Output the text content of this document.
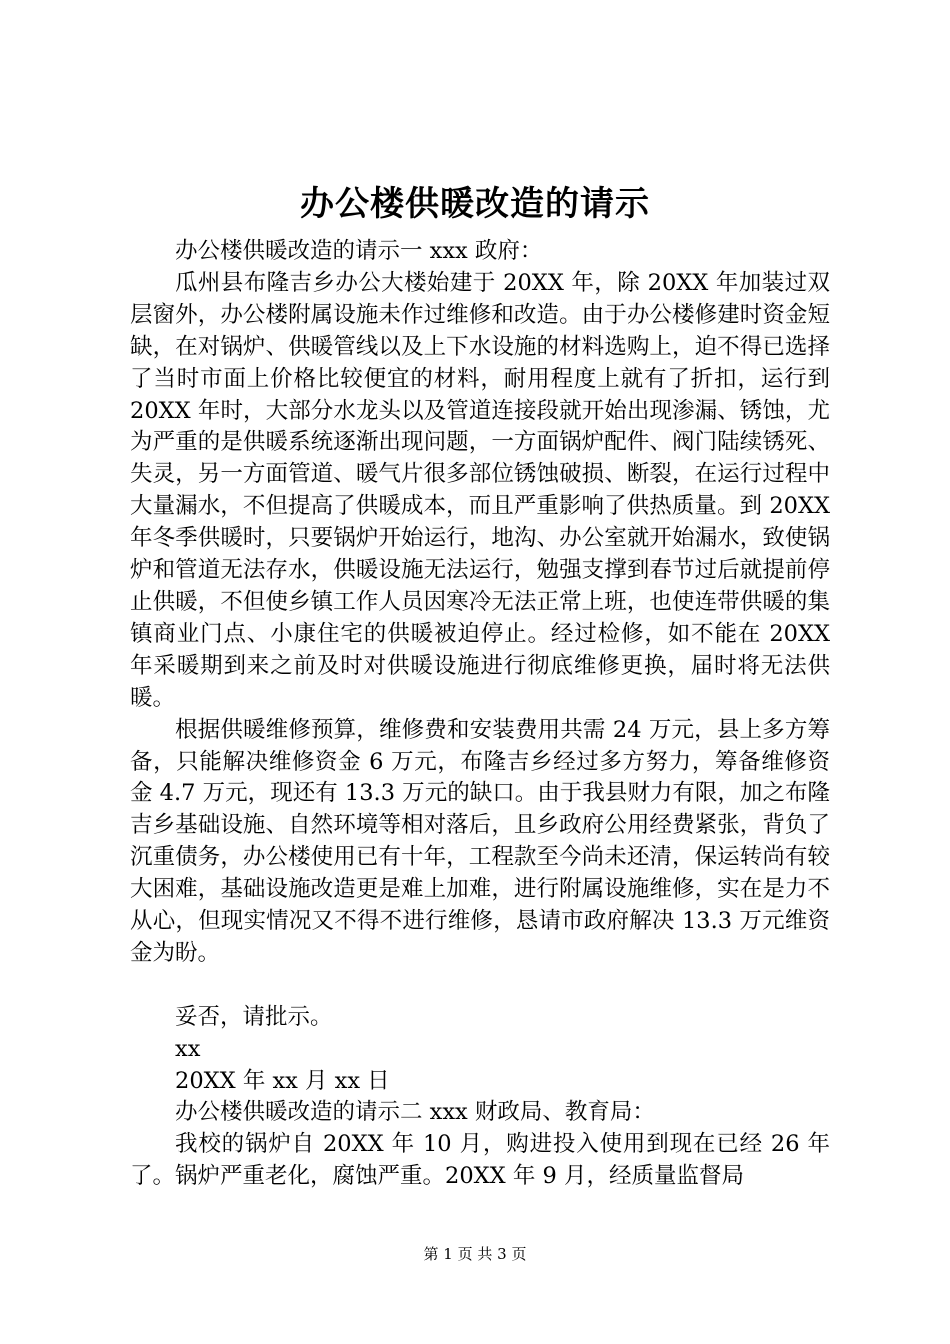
办公楼供暖改造的请示

办公楼供暖改造的请示一 xxx 政府：

瓜州县布隆吉乡办公大楼始建于 20XX 年，除 20XX 年加装过双层窗外，办公楼附属设施未作过维修和改造。由于办公楼修建时资金短缺，在对锅炉、供暖管线以及上下水设施的材料选购上，迫不得已选择了当时市面上价格比较便宜的材料，耐用程度上就有了折扣，运行到 20XX 年时，大部分水龙头以及管道连接段就开始出现渗漏、锈蚀，尤为严重的是供暖系统逐渐出现问题，一方面锅炉配件、阀门陆续锈死、失灵，另一方面管道、暖气片很多部位锈蚀破损、断裂，在运行过程中大量漏水，不但提高了供暖成本，而且严重影响了供热质量。到 20XX 年冬季供暖时，只要锅炉开始运行，地沟、办公室就开始漏水，致使锅炉和管道无法存水，供暖设施无法运行，勉强支撑到春节过后就提前停止供暖，不但使乡镇工作人员因寒冷无法正常上班，也使连带供暖的集镇商业门点、小康住宅的供暖被迫停止。经过检修，如不能在 20XX 年采暖期到来之前及时对供暖设施进行彻底维修更换，届时将无法供暖。

根据供暖维修预算，维修费和安装费用共需 24 万元，县上多方筹备，只能解决维修资金 6 万元，布隆吉乡经过多方努力，筹备维修资金 4.7 万元，现还有 13.3 万元的缺口。由于我县财力有限，加之布隆吉乡基础设施、自然环境等相对落后，且乡政府公用经费紧张，背负了沉重债务，办公楼使用已有十年，工程款至今尚未还清，保运转尚有较大困难，基础设施改造更是难上加难，进行附属设施维修，实在是力不从心，但现实情况又不得不进行维修，恳请市政府解决 13.3 万元维资金为盼。

妥否，请批示。

xx

20XX 年 xx 月 xx 日

办公楼供暖改造的请示二 xxx 财政局、教育局：

我校的锅炉自 20XX 年 10 月，购进投入使用到现在已经 26 年了。锅炉严重老化，腐蚀严重。20XX 年 9 月，经质量监督局

第 1 页 共 3 页
